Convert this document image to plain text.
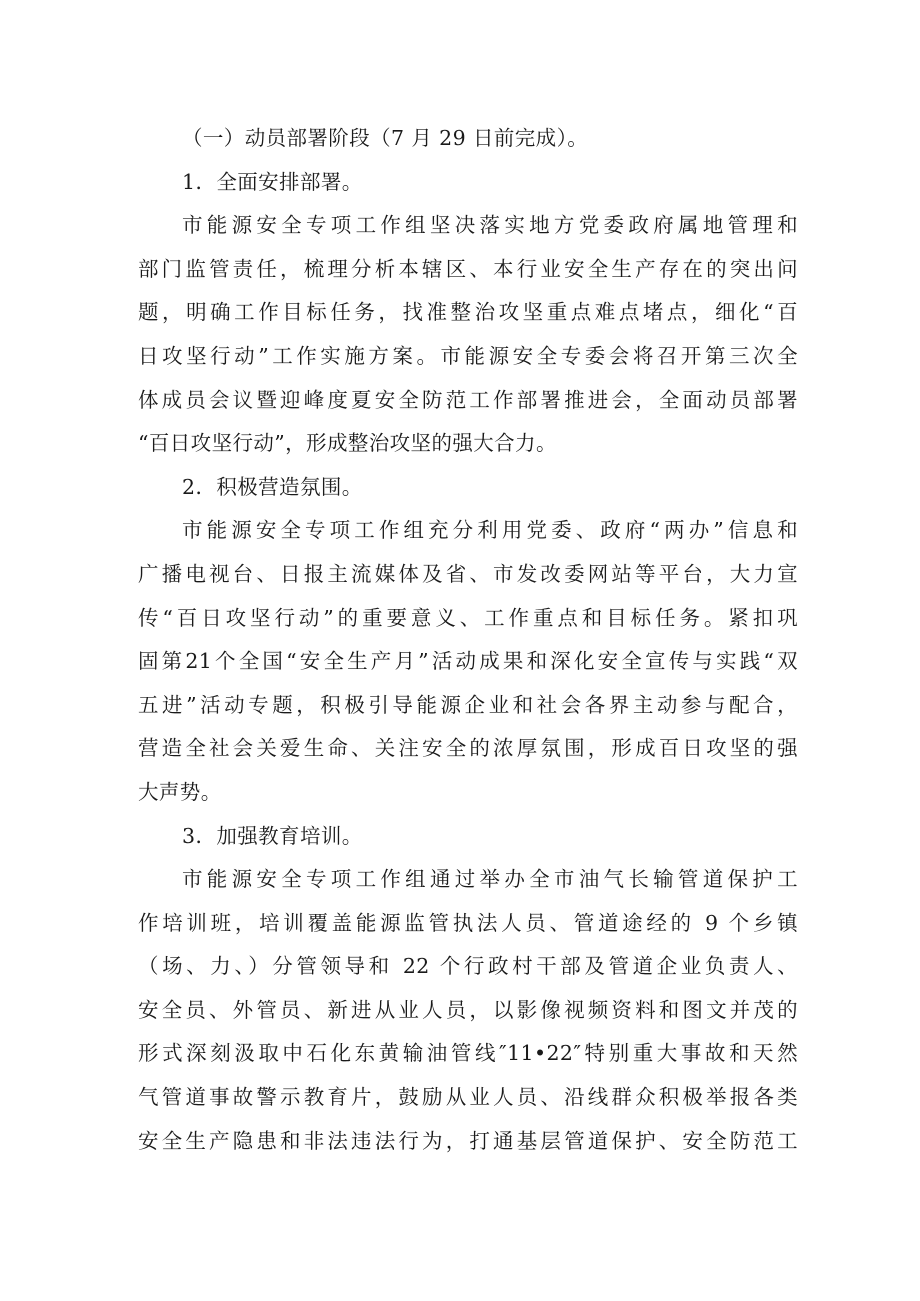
（一）动员部署阶段（7 月 29 日前完成）。
1．全面安排部署。
市能源安全专项工作组坚决落实地方党委政府属地管理和
部门监管责任，梳理分析本辖区、本行业安全生产存在的突出问
题，明确工作目标任务，找准整治攻坚重点难点堵点，细化“百
日攻坚行动”工作实施方案。市能源安全专委会将召开第三次全
体成员会议暨迎峰度夏安全防范工作部署推进会，全面动员部署
“百日攻坚行动”，形成整治攻坚的强大合力。
2．积极营造氛围。
市能源安全专项工作组充分利用党委、政府“两办”信息和
广播电视台、日报主流媒体及省、市发改委网站等平台，大力宣
传“百日攻坚行动”的重要意义、工作重点和目标任务。紧扣巩
固第21个全国“安全生产月”活动成果和深化安全宣传与实践“双
五进”活动专题，积极引导能源企业和社会各界主动参与配合，
营造全社会关爱生命、关注安全的浓厚氛围，形成百日攻坚的强
大声势。
3．加强教育培训。
市能源安全专项工作组通过举办全市油气长输管道保护工
作培训班，培训覆盖能源监管执法人员、管道途经的 9 个乡镇
（场、力、）分管领导和 22 个行政村干部及管道企业负责人、
安全员、外管员、新进从业人员，以影像视频资料和图文并茂的
形式深刻汲取中石化东黄输油管线″11•22″特别重大事故和天然
气管道事故警示教育片，鼓励从业人员、沿线群众积极举报各类
安全生产隐患和非法违法行为，打通基层管道保护、安全防范工
